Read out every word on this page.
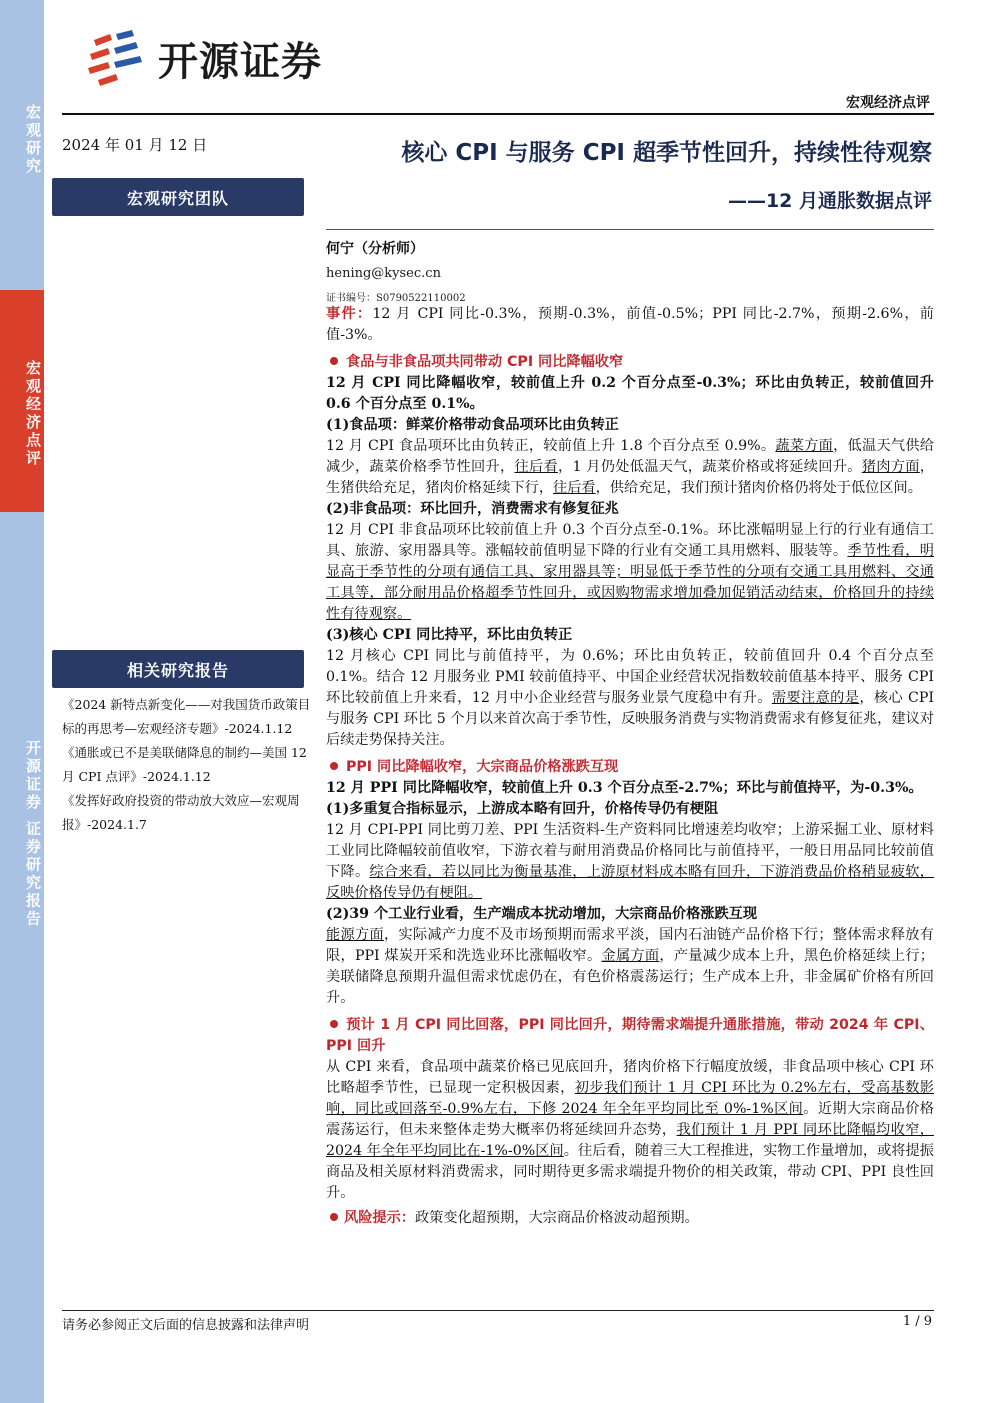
宏观研究
宏观经济点评
开源证券 证券研究报告
开源证券
宏观经济点评
2024 年 01 月 12 日	核心 CPI 与服务 CPI 超季节性回升，持续性待观察
——12 月通胀数据点评
宏观研究团队
相关研究报告

《2024 新特点新变化——对我国货币政策目标的再思考—宏观经济专题》-2024.1.12

《通胀或已不是美联储降息的制约—美国 12 月 CPI 点评》-2024.1.12

《发挥好政府投资的带动放大效应—宏观周报》-2024.1.7

何宁（分析师）
hening@kysec.cn
证书编号：S0790522110002

事件：12 月 CPI 同比-0.3%，预期-0.3%，前值-0.5%；PPI 同比-2.7%，预期-2.6%，前值-3%。

食品与非食品项共同带动 CPI 同比降幅收窄

12 月 CPI 同比降幅收窄，较前值上升 0.2 个百分点至-0.3%；环比由负转正，较前值回升 0.6 个百分点至 0.1%。

(1)食品项：鲜菜价格带动食品项环比由负转正

12 月 CPI 食品项环比由负转正，较前值上升 1.8 个百分点至 0.9%。蔬菜方面，低温天气供给减少，蔬菜价格季节性回升，往后看，1 月仍处低温天气，蔬菜价格或将延续回升。猪肉方面，生猪供给充足，猪肉价格延续下行，往后看，供给充足，我们预计猪肉价格仍将处于低位区间。

(2)非食品项：环比回升，消费需求有修复征兆

12 月 CPI 非食品项环比较前值上升 0.3 个百分点至-0.1%。环比涨幅明显上行的行业有通信工具、旅游、家用器具等。涨幅较前值明显下降的行业有交通工具用燃料、服装等。季节性看，明显高于季节性的分项有通信工具、家用器具等；明显低于季节性的分项有交通工具用燃料、交通工具等，部分耐用品价格超季节性回升，或因购物需求增加叠加促销活动结束，价格回升的持续性有待观察。

(3)核心 CPI 同比持平，环比由负转正

12 月核心 CPI 同比与前值持平，为 0.6%；环比由负转正，较前值回升 0.4 个百分点至 0.1%。结合 12 月服务业 PMI 较前值持平、中国企业经营状况指数较前值基本持平、服务 CPI 环比较前值上升来看，12 月中小企业经营与服务业景气度稳中有升。需要注意的是，核心 CPI 与服务 CPI 环比 5 个月以来首次高于季节性，反映服务消费与实物消费需求有修复征兆，建议对后续走势保持关注。

PPI 同比降幅收窄，大宗商品价格涨跌互现

12 月 PPI 同比降幅收窄，较前值上升 0.3 个百分点至-2.7%；环比与前值持平，为-0.3%。

(1)多重复合指标显示，上游成本略有回升，价格传导仍有梗阻

12 月 CPI-PPI 同比剪刀差、PPI 生活资料-生产资料同比增速差均收窄；上游采掘工业、原材料工业同比降幅较前值收窄，下游衣着与耐用消费品价格同比与前值持平，一般日用品同比较前值下降。综合来看，若以同比为衡量基准，上游原材料成本略有回升，下游消费品价格稍显疲软，反映价格传导仍有梗阻。

(2)39 个工业行业看，生产端成本扰动增加，大宗商品价格涨跌互现

能源方面，实际减产力度不及市场预期而需求平淡，国内石油链产品价格下行；整体需求释放有限，PPI 煤炭开采和洗选业环比涨幅收窄。金属方面，产量减少成本上升，黑色价格延续上行；美联储降息预期升温但需求忧虑仍在，有色价格震荡运行；生产成本上升，非金属矿价格有所回升。

预计 1 月 CPI 同比回落，PPI 同比回升，期待需求端提升通胀措施，带动 2024 年 CPI、PPI 回升

从 CPI 来看，食品项中蔬菜价格已见底回升，猪肉价格下行幅度放缓，非食品项中核心 CPI 环比略超季节性，已显现一定积极因素，初步我们预计 1 月 CPI 环比为 0.2%左右，受高基数影响，同比或回落至-0.9%左右，下修 2024 年全年平均同比至 0%-1%区间。近期大宗商品价格震荡运行，但未来整体走势大概率仍将延续回升态势，我们预计 1 月 PPI 同环比降幅均收窄，2024 年全年平均同比在-1%-0%区间。往后看，随着三大工程推进，实物工作量增加，或将提振商品及相关原材料消费需求，同时期待更多需求端提升物价的相关政策，带动 CPI、PPI 良性回升。

风险提示：政策变化超预期，大宗商品价格波动超预期。

请务必参阅正文后面的信息披露和法律声明	1 / 9
